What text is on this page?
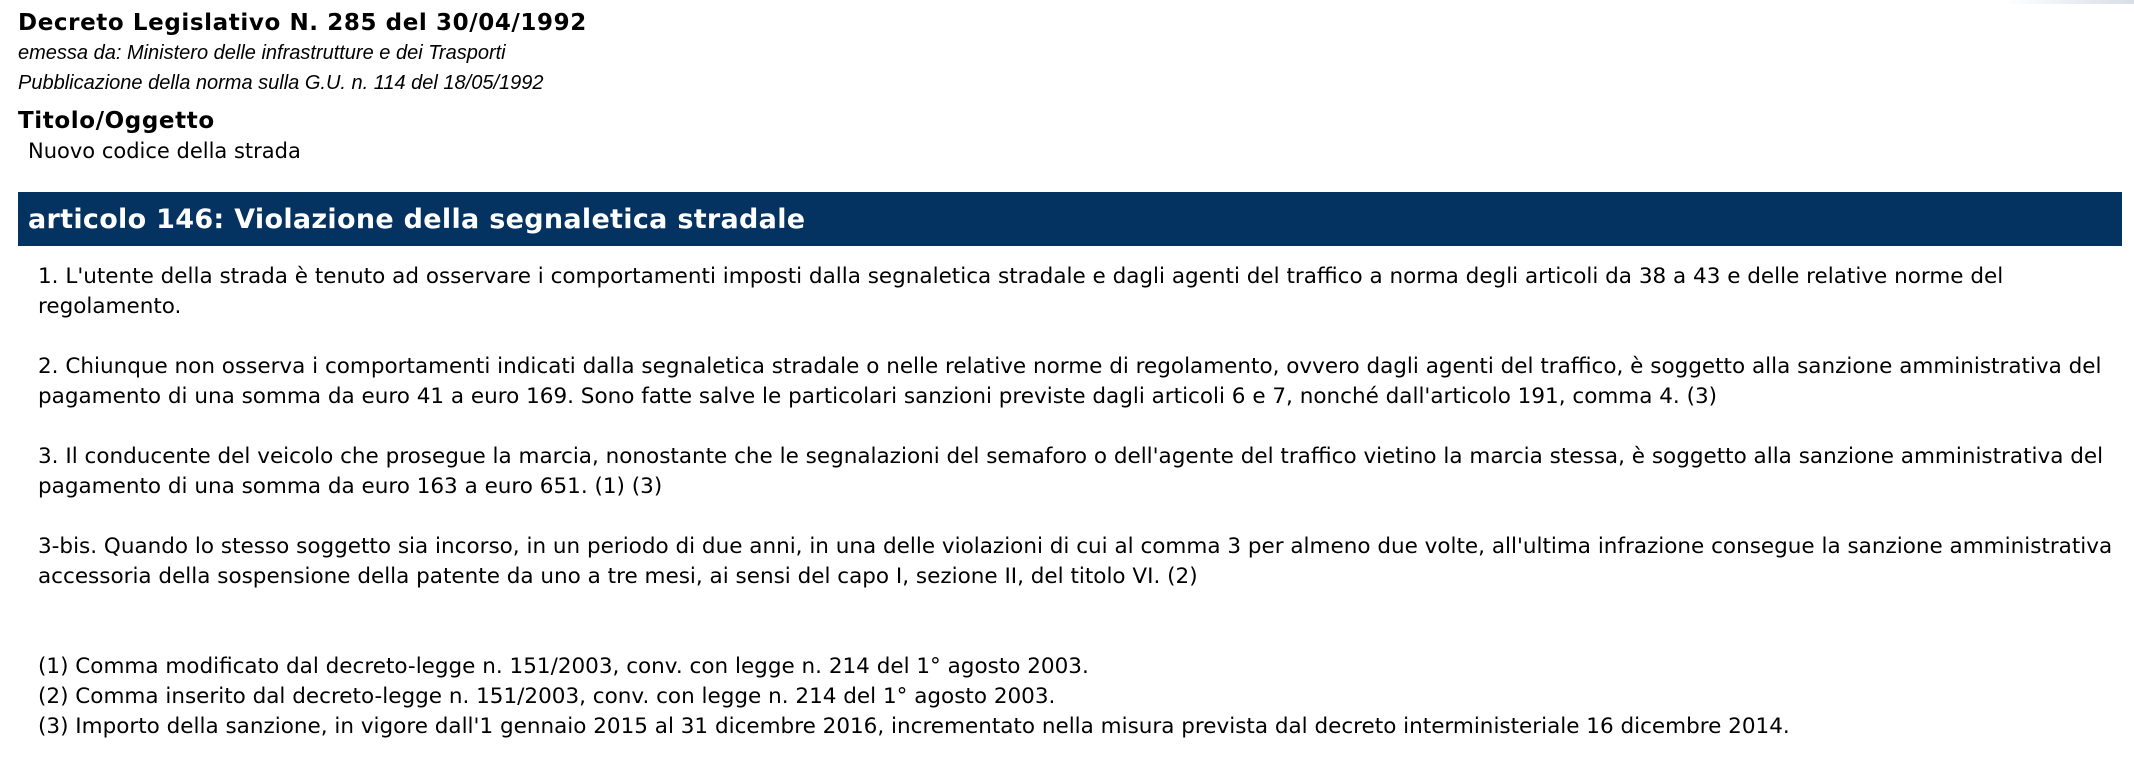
Decreto Legislativo N. 285 del 30/04/1992
emessa da: Ministero delle infrastrutture e dei Trasporti
Pubblicazione della norma sulla G.U. n. 114 del 18/05/1992
Titolo/Oggetto
Nuovo codice della strada
articolo 146: Violazione della segnaletica stradale

1. L'utente della strada è tenuto ad osservare i comportamenti imposti dalla segnaletica stradale e dagli agenti del traffico a norma degli articoli da 38 a 43 e delle relative norme del regolamento.

2. Chiunque non osserva i comportamenti indicati dalla segnaletica stradale o nelle relative norme di regolamento, ovvero dagli agenti del traffico, è soggetto alla sanzione amministrativa del pagamento di una somma da euro 41 a euro 169. Sono fatte salve le particolari sanzioni previste dagli articoli 6 e 7, nonché dall'articolo 191, comma 4. (3)

3. Il conducente del veicolo che prosegue la marcia, nonostante che le segnalazioni del semaforo o dell'agente del traffico vietino la marcia stessa, è soggetto alla sanzione amministrativa del pagamento di una somma da euro 163 a euro 651. (1) (3)

3-bis. Quando lo stesso soggetto sia incorso, in un periodo di due anni, in una delle violazioni di cui al comma 3 per almeno due volte, all'ultima infrazione consegue la sanzione amministrativa accessoria della sospensione della patente da uno a tre mesi, ai sensi del capo I, sezione II, del titolo VI. (2)

(1) Comma modificato dal decreto-legge n. 151/2003, conv. con legge n. 214 del 1° agosto 2003.

(2) Comma inserito dal decreto-legge n. 151/2003, conv. con legge n. 214 del 1° agosto 2003.

(3) Importo della sanzione, in vigore dall'1 gennaio 2015 al 31 dicembre 2016, incrementato nella misura prevista dal decreto interministeriale 16 dicembre 2014.
